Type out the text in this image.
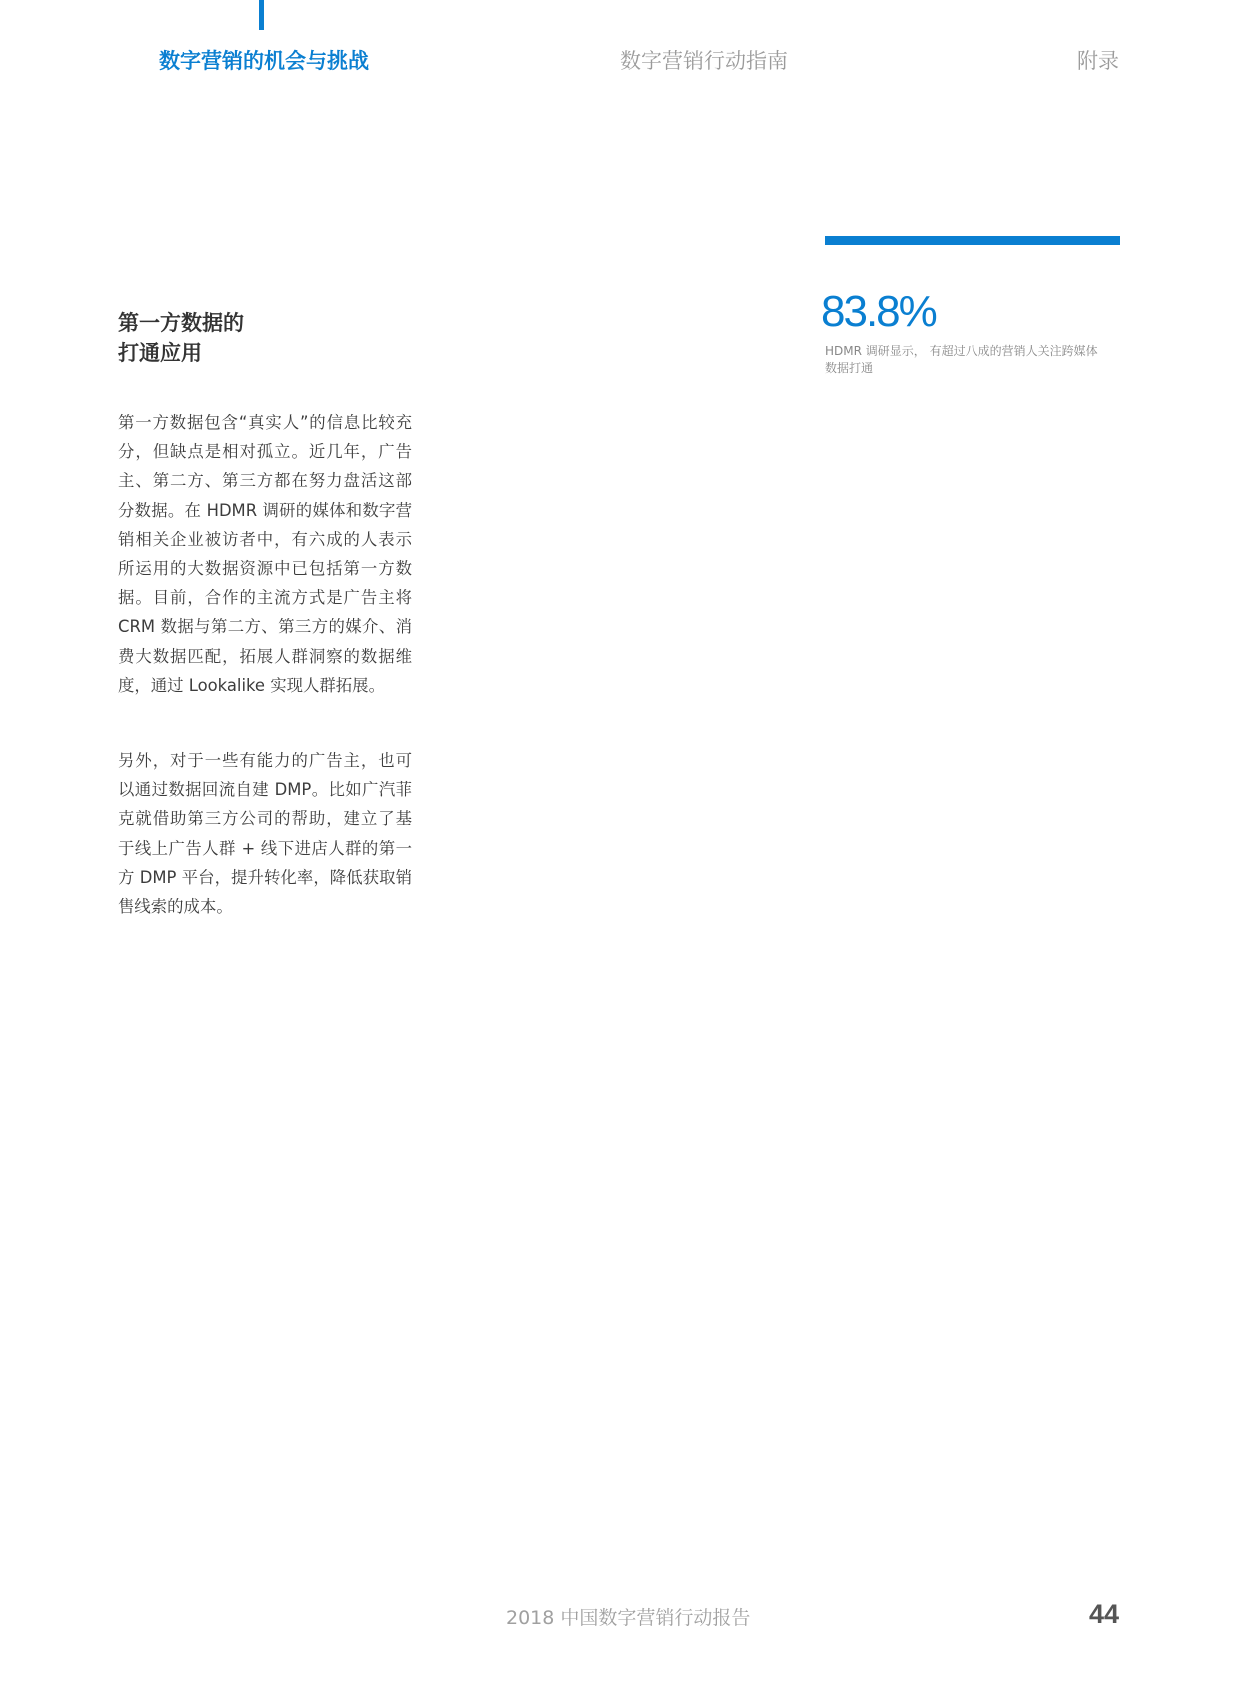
数字营销的机会与挑战	数字营销行动指南	附录
83.8%
HDMR 调研显示， 有超过八成的营销人关注跨媒体数据打通
第一方数据的
打通应用

第一方数据包含“真实人”的信息比较充分，但缺点是相对孤立。近几年，广告主、第二方、第三方都在努力盘活这部分数据。在 HDMR 调研的媒体和数字营销相关企业被访者中，有六成的人表示所运用的大数据资源中已包括第一方数据。目前，合作的主流方式是广告主将 CRM 数据与第二方、第三方的媒介、消费大数据匹配，拓展人群洞察的数据维度，通过 Lookalike 实现人群拓展。

另外，对于一些有能力的广告主，也可以通过数据回流自建 DMP。比如广汽菲克就借助第三方公司的帮助，建立了基于线上广告人群 + 线下进店人群的第一方 DMP 平台，提升转化率，降低获取销售线索的成本。

2018 中国数字营销行动报告	44
